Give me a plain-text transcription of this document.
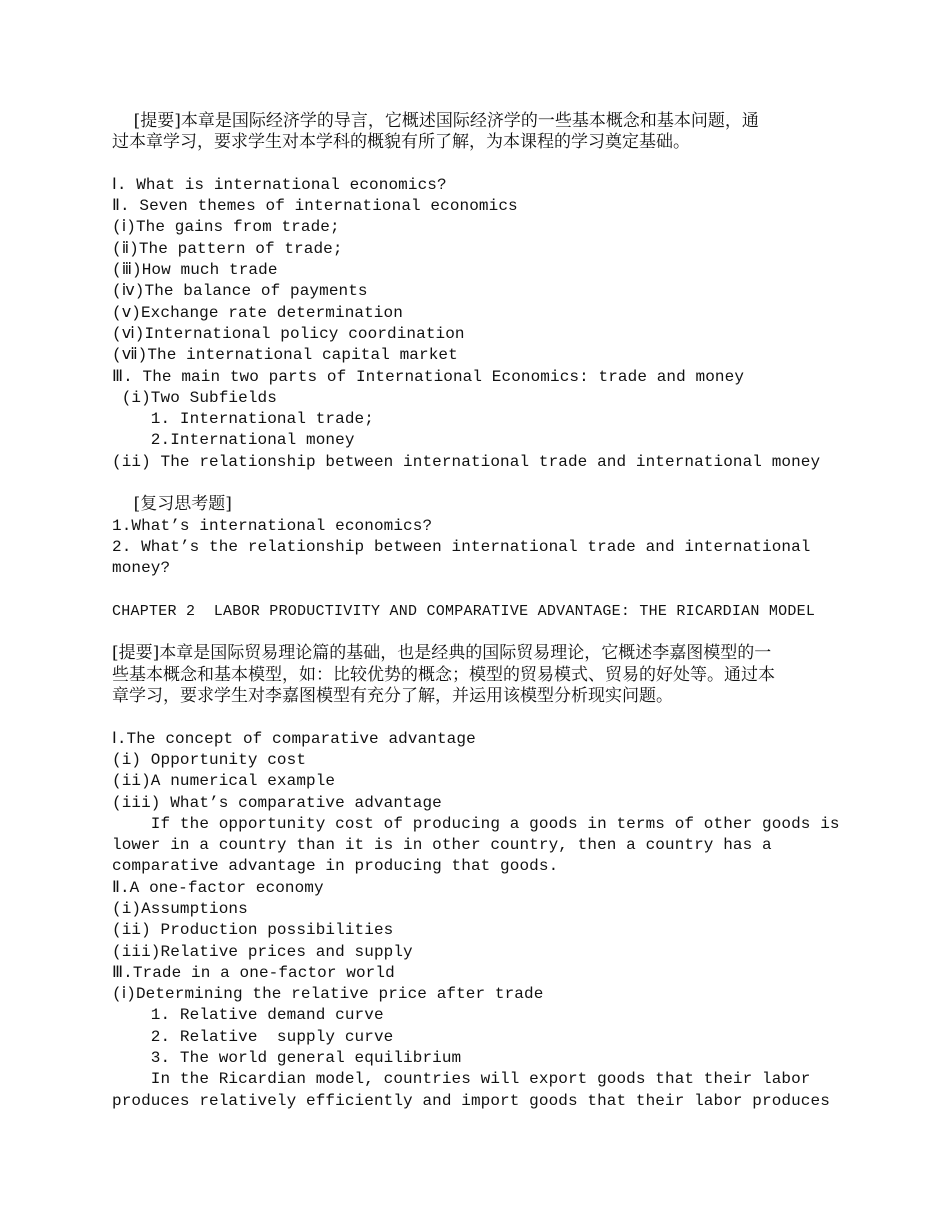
[提要]本章是国际经济学的导言，它概述国际经济学的一些基本概念和基本问题，通
过本章学习，要求学生对本学科的概貌有所了解，为本课程的学习奠定基础。
Ⅰ. What is international economics?
Ⅱ. Seven themes of international economics
(ⅰ)The gains from trade;
(ⅱ)The pattern of trade;
(ⅲ)How much trade
(ⅳ)The balance of payments
(ⅴ)Exchange rate determination
(ⅵ)International policy coordination
(ⅶ)The international capital market
Ⅲ. The main two parts of International Economics: trade and money
(i)Two Subfields
1. International trade;
2.International money
(ii) The relationship between international trade and international money
[复习思考题]
1.What’s international economics?
2. What’s the relationship between international trade and international
money?
CHAPTER 2  LABOR PRODUCTIVITY AND COMPARATIVE ADVANTAGE: THE RICARDIAN MODEL
[提要]本章是国际贸易理论篇的基础，也是经典的国际贸易理论，它概述李嘉图模型的一
些基本概念和基本模型，如：比较优势的概念；模型的贸易模式、贸易的好处等。通过本
章学习，要求学生对李嘉图模型有充分了解，并运用该模型分析现实问题。
Ⅰ.The concept of comparative advantage
(i) Opportunity cost
(ii)A numerical example
(iii) What’s comparative advantage
If the opportunity cost of producing a goods in terms of other goods is
lower in a country than it is in other country, then a country has a
comparative advantage in producing that goods.
Ⅱ.A one-factor economy
(i)Assumptions
(ii) Production possibilities
(iii)Relative prices and supply
Ⅲ.Trade in a one-factor world
(ⅰ)Determining the relative price after trade
1. Relative demand curve
2. Relative  supply curve
3. The world general equilibrium
In the Ricardian model, countries will export goods that their labor
produces relatively efficiently and import goods that their labor produces
